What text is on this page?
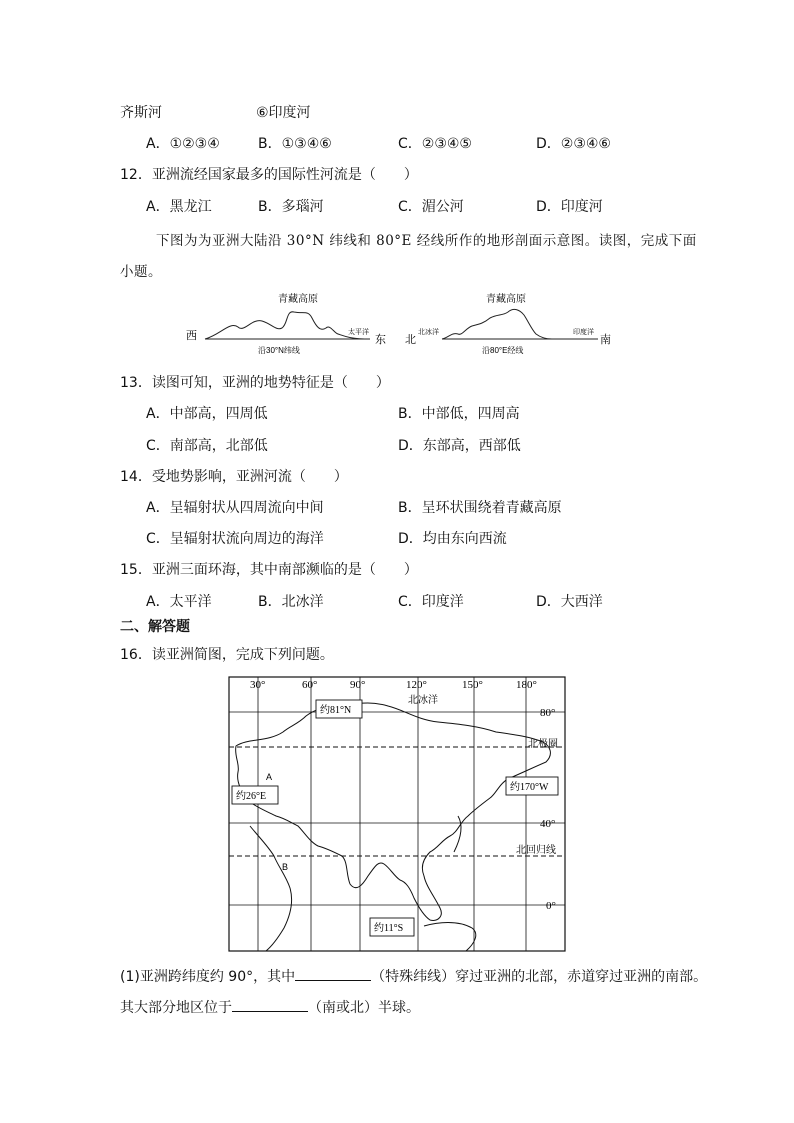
齐斯河	⑥印度河
A．①②③④	B．①③④⑥	C．②③④⑤	D．②③④⑥
12．亚洲流经国家最多的国际性河流是（　　）
A．黑龙江	B．多瑙河	C．湄公河	D．印度河
下图为为亚洲大陆沿 30°N 纬线和 80°E 经线所作的地形剖面示意图。读图，完成下面
小题。
青藏高原
西	东
太平洋
沿30°N纬线
青藏高原
北	南
北冰洋	印度洋
沿80°E经线
13．读图可知，亚洲的地势特征是（　　）
A．中部高，四周低	B．中部低，四周高
C．南部高，北部低	D．东部高，西部低
14．受地势影响，亚洲河流（　　）
A．呈辐射状从四周流向中间	B．呈环状围绕着青藏高原
C．呈辐射状流向周边的海洋	D．均由东向西流
15．亚洲三面环海，其中南部濒临的是（　　）
A．太平洋	B．北冰洋	C．印度洋	D．大西洋
二、解答题
16．读亚洲简图，完成下列问题。
30°	60°	90°	120°	150°	180°
80°
40°
0°
北冰洋
北极圈
北回归线
约81°N
约26°E
约170°W
约11°S
A
B
(1)亚洲跨纬度约 90°，其中	（特殊纬线）穿过亚洲的北部，赤道穿过亚洲的南部。
其大部分地区位于	（南或北）半球。
